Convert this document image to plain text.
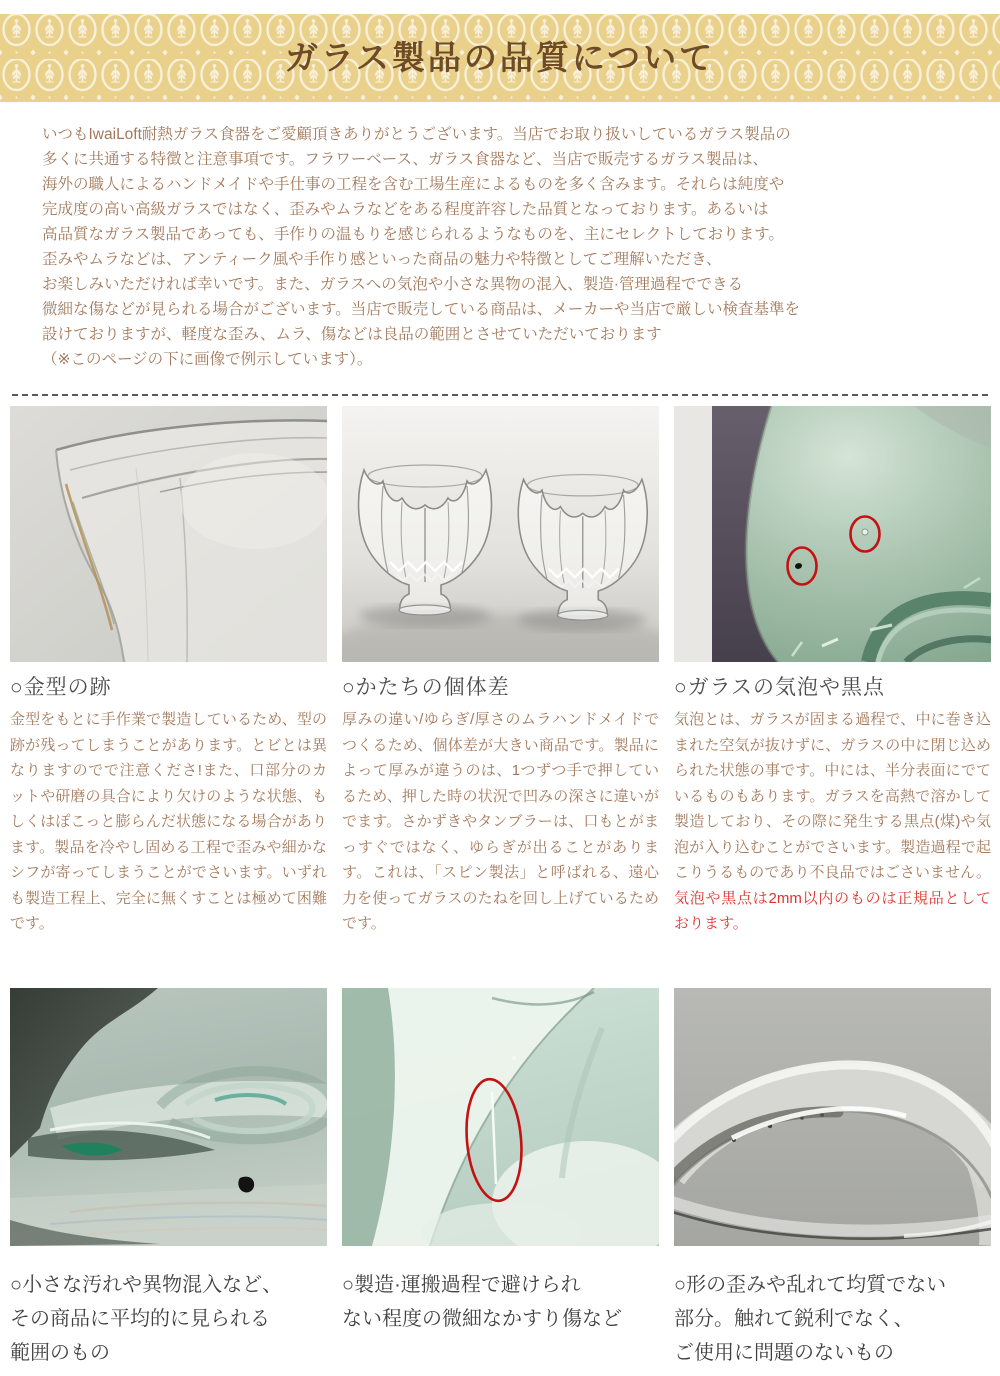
ガラス製品の品質について
いつもIwaiLoft耐熱ガラス食器をご愛顧頂きありがとうございます。当店でお取り扱いしているガラス製品の
多くに共通する特徴と注意事項です。フラワーベース、ガラス食器など、当店で販売するガラス製品は、
海外の職人によるハンドメイドや手仕事の工程を含む工場生産によるものを多く含みます。それらは純度や
完成度の高い高級ガラスではなく、歪みやムラなどをある程度許容した品質となっております。あるいは
高品質なガラス製品であっても、手作りの温もりを感じられるようなものを、主にセレクトしております。
歪みやムラなどは、アンティーク風や手作り感といった商品の魅力や特徴としてご理解いただき、
お楽しみいただければ幸いです。また、ガラスへの気泡や小さな異物の混入、製造·管理過程でできる
微細な傷などが見られる場合がございます。当店で販売している商品は、メーカーや当店で厳しい検査基準を
設けておりますが、軽度な歪み、ムラ、傷などは良品の範囲とさせていただいております
（※このページの下に画像で例示しています）。
○金型の跡

金型をもとに手作業で製造しているため、型の跡が残ってしまうことがあります。とビとは異なりますのでで注意くださ!また、口部分のカットや研磨の具合により欠けのような状態、もしくはぽこっと膨らんだ状態になる場合があります。製品を冷やし固める工程で歪みや細かなシフが寄ってしまうことがでさいます。いずれも製造工程上、完全に無くすことは極めて困難です。

○かたちの個体差

厚みの違い/ゆらぎ/厚さのムラハンドメイドでつくるため、個体差が大きい商品です。製品によって厚みが違うのは、1つずつ手で押しているため、押した時の状況で凹みの深さに違いがでます。さかずきやタンブラーは、口もとがまっすぐではなく、ゆらぎが出ることがあります。これは、「スピン製法」と呼ばれる、遠心力を使ってガラスのたねを回し上げているためです。

○ガラスの気泡や黒点

気泡とは、ガラスが固まる過程で、中に巻き込まれた空気が抜けずに、ガラスの中に閉じ込められた状態の事です。中には、半分表面にでているものもあります。ガラスを高熱で溶かして製造しており、その際に発生する黒点(煤)や気泡が入り込むことがでさいます。製造過程で起こりうるものであり不良品ではごさいません。気泡や黒点は2mm以内のものは正規品としております。

○小さな汚れや異物混入など、
その商品に平均的に見られる
範囲のもの
○製造·運搬過程で避けられ
ない程度の微細なかすり傷など
○形の歪みや乱れて均質でない
部分。触れて鋭利でなく、
ご使用に問題のないもの
